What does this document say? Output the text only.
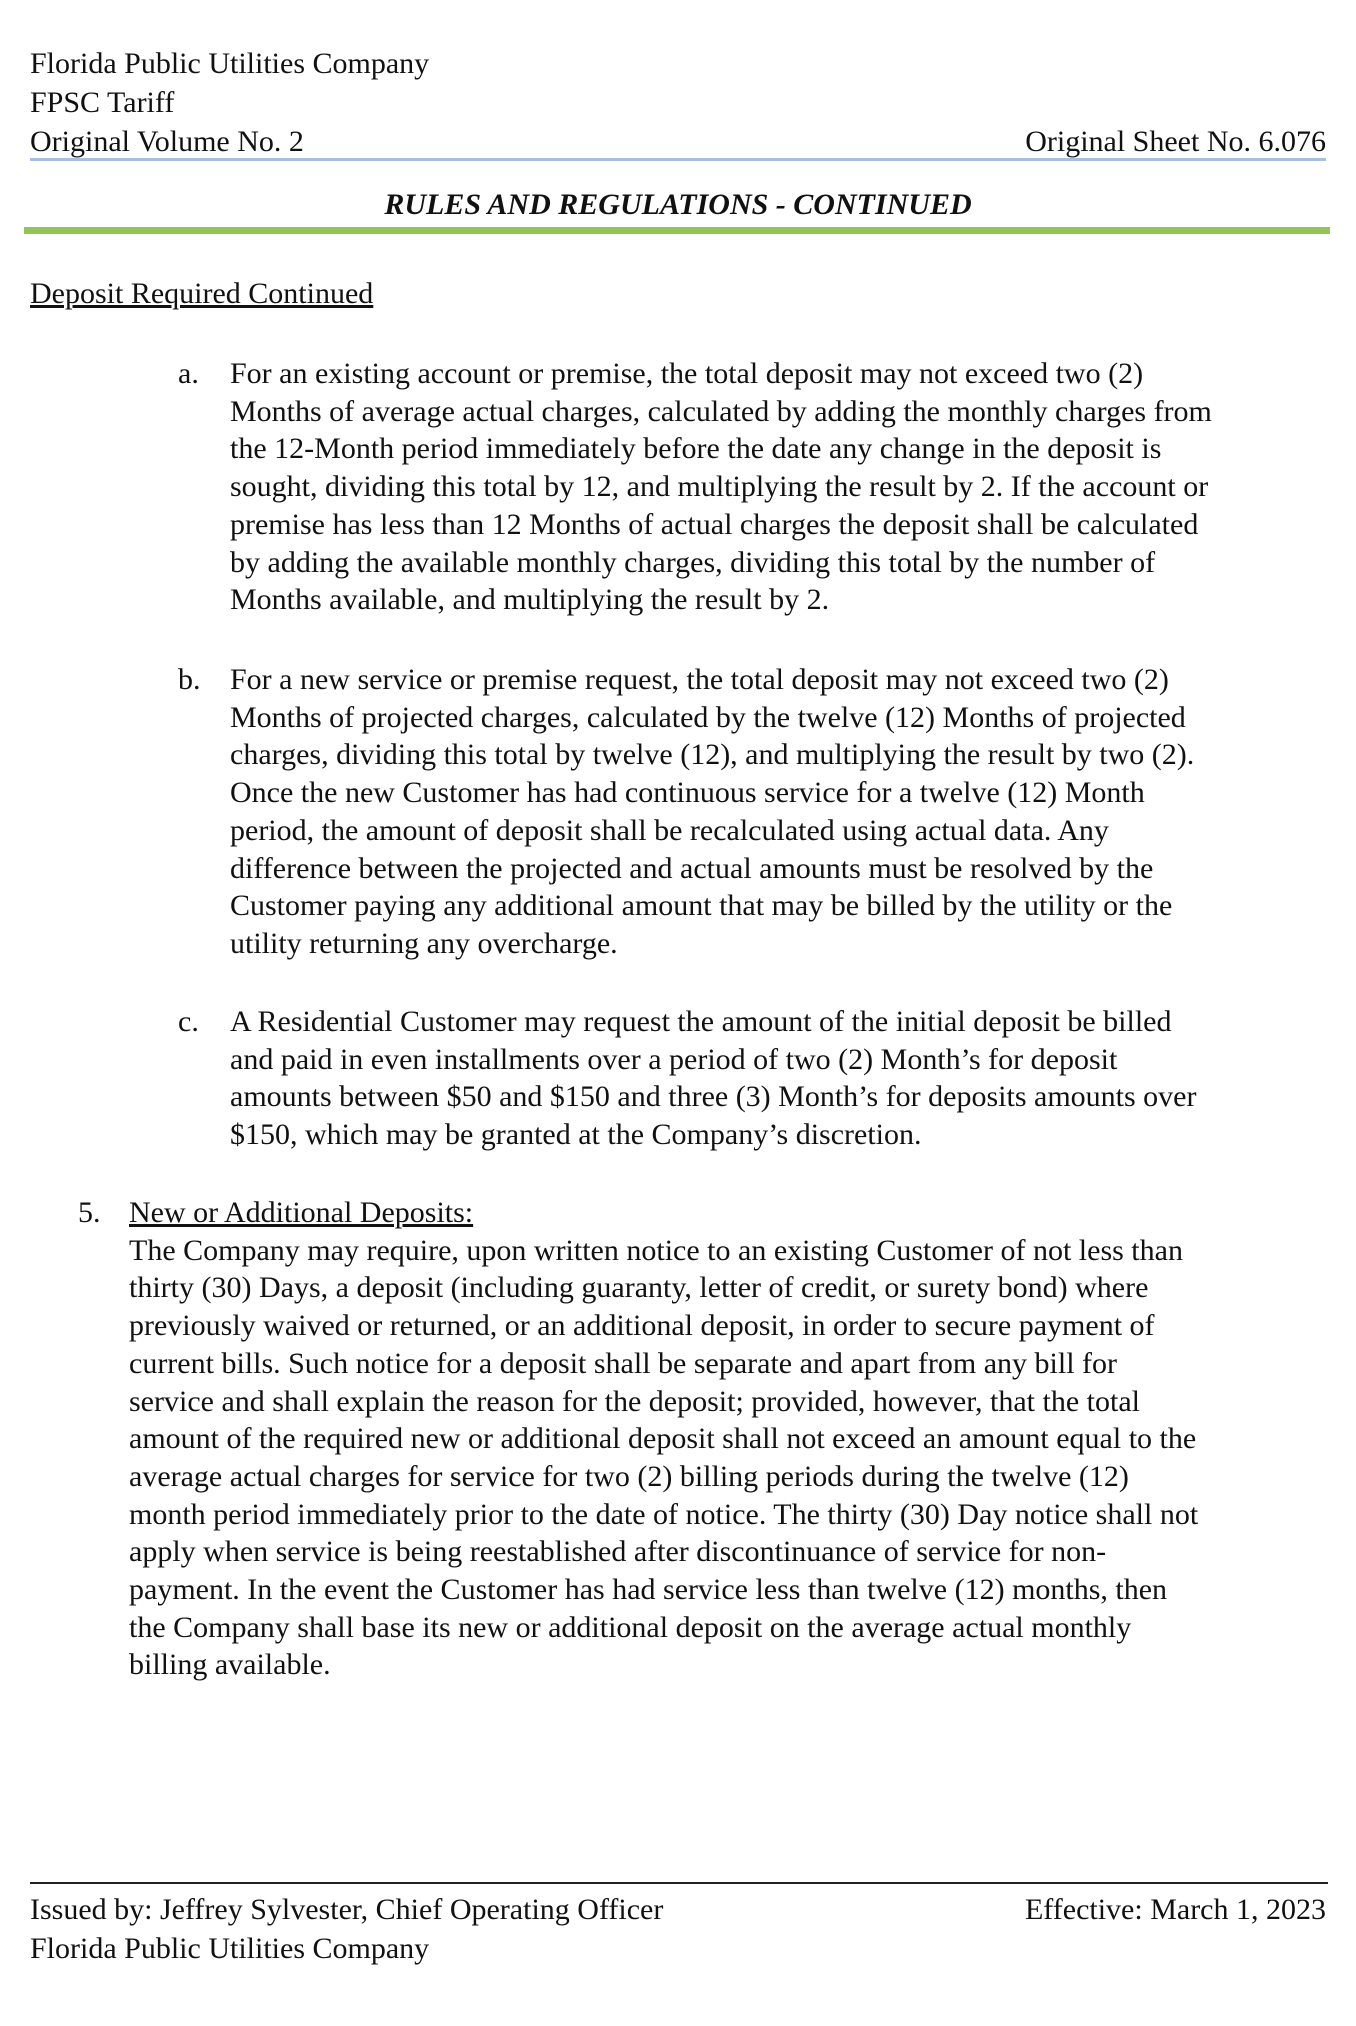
Florida Public Utilities Company
FPSC Tariff
Original Volume No. 2	Original Sheet No. 6.076
RULES AND REGULATIONS - CONTINUED
Deposit Required Continued
a. For an existing account or premise, the total deposit may not exceed two (2)
Months of average actual charges, calculated by adding the monthly charges from
the 12-Month period immediately before the date any change in the deposit is
sought, dividing this total by 12, and multiplying the result by 2. If the account or
premise has less than 12 Months of actual charges the deposit shall be calculated
by adding the available monthly charges, dividing this total by the number of
Months available, and multiplying the result by 2.
b. For a new service or premise request, the total deposit may not exceed two (2)
Months of projected charges, calculated by the twelve (12) Months of projected
charges, dividing this total by twelve (12), and multiplying the result by two (2).
Once the new Customer has had continuous service for a twelve (12) Month
period, the amount of deposit shall be recalculated using actual data. Any
difference between the projected and actual amounts must be resolved by the
Customer paying any additional amount that may be billed by the utility or the
utility returning any overcharge.
c. A Residential Customer may request the amount of the initial deposit be billed
and paid in even installments over a period of two (2) Month’s for deposit
amounts between $50 and $150 and three (3) Month’s for deposits amounts over
$150, which may be granted at the Company’s discretion.
5. New or Additional Deposits:
The Company may require, upon written notice to an existing Customer of not less than
thirty (30) Days, a deposit (including guaranty, letter of credit, or surety bond) where
previously waived or returned, or an additional deposit, in order to secure payment of
current bills. Such notice for a deposit shall be separate and apart from any bill for
service and shall explain the reason for the deposit; provided, however, that the total
amount of the required new or additional deposit shall not exceed an amount equal to the
average actual charges for service for two (2) billing periods during the twelve (12)
month period immediately prior to the date of notice. The thirty (30) Day notice shall not
apply when service is being reestablished after discontinuance of service for non-
payment. In the event the Customer has had service less than twelve (12) months, then
the Company shall base its new or additional deposit on the average actual monthly
billing available.
Issued by: Jeffrey Sylvester, Chief Operating Officer	Effective: March 1, 2023
Florida Public Utilities Company
